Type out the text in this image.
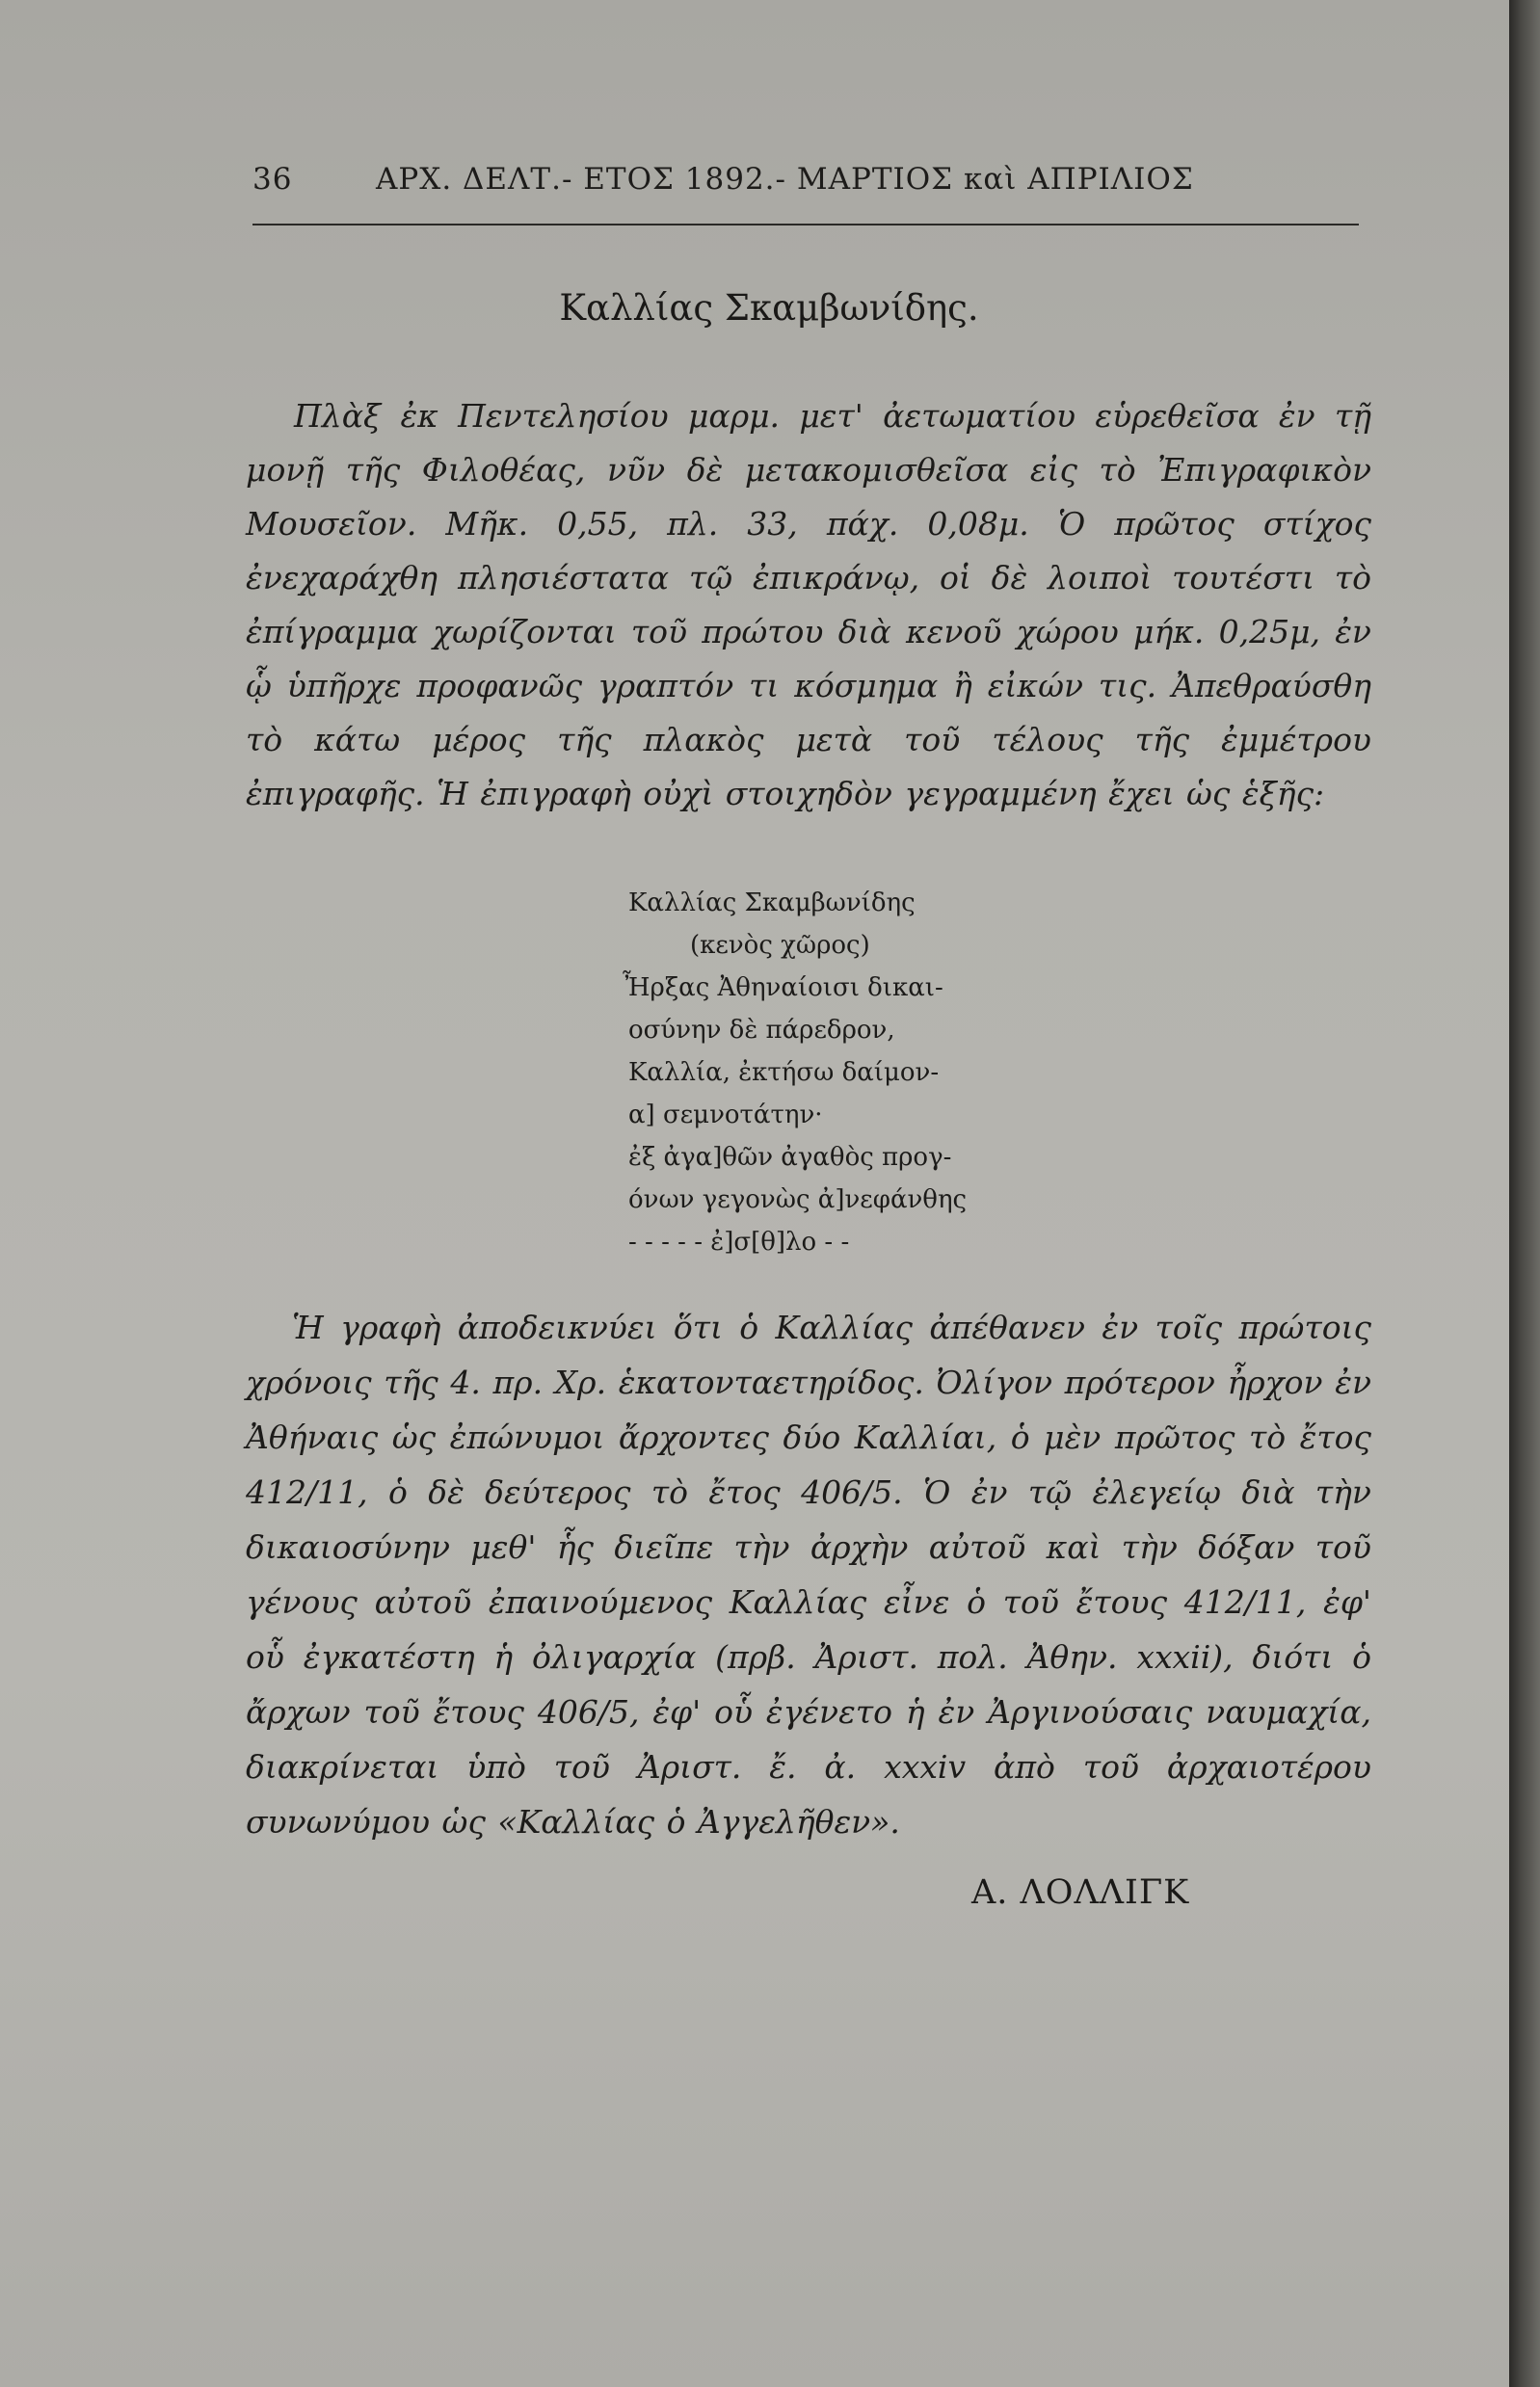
36	ΑΡΧ. ΔΕΛΤ.- ΕΤΟΣ 1892.- ΜΑΡΤΙΟΣ καὶ ΑΠΡΙΛΙΟΣ
Καλλίας Σκαμβωνίδης.
Πλὰξ ἐκ Πεντελησίου μαρμ. μετ' ἀετωματίου εὑρεθεῖσα ἐν τῇ μονῇ τῆς Φιλοθέας, νῦν δὲ μετακομισθεῖσα εἰς τὸ Ἐπιγραφικὸν Μουσεῖον. Μῆκ. 0,55, πλ. 33, πάχ. 0,08μ. Ὁ πρῶτος στίχος ἐνεχαράχθη πλησιέστατα τῷ ἐπικράνῳ, οἱ δὲ λοιποὶ τουτέστι τὸ ἐπίγραμμα χωρίζονται τοῦ πρώτου διὰ κενοῦ χώρου μήκ. 0,25μ, ἐν ᾧ ὑπῆρχε προφανῶς γραπτόν τι κόσμημα ἢ εἰκών τις. Ἀπεθραύσθη τὸ κάτω μέρος τῆς πλακὸς μετὰ τοῦ τέλους τῆς ἐμμέτρου ἐπιγραφῆς. Ἡ ἐπιγραφὴ οὐχὶ στοιχηδὸν γεγραμμένη ἔχει ὡς ἑξῆς:
Καλλίας Σκαμβωνίδης
(κενὸς χῶρος)
Ἦρξας Ἀθηναίοισι δικαι-
οσύνην δὲ πάρεδρον,
Καλλία, ἐκτήσω δαίμον-
α] σεμνοτάτην·
ἐξ ἀγα]θῶν ἀγαθὸς προγ-
όνων γεγονὼς ἀ]νεφάνθης
- - - - - ἐ]σ[θ]λο - -
Ἡ γραφὴ ἀποδεικνύει ὅτι ὁ Καλλίας ἀπέθανεν ἐν τοῖς πρώτοις χρόνοις τῆς 4. πρ. Χρ. ἑκατονταετηρίδος. Ὀλίγον πρότερον ἦρχον ἐν Ἀθήναις ὡς ἐπώνυμοι ἄρχοντες δύο Καλλίαι, ὁ μὲν πρῶτος τὸ ἔτος 412/11, ὁ δὲ δεύτερος τὸ ἔτος 406/5. Ὁ ἐν τῷ ἐλεγείῳ διὰ τὴν δικαιοσύνην μεθ' ἧς διεῖπε τὴν ἀρχὴν αὐτοῦ καὶ τὴν δόξαν τοῦ γένους αὐτοῦ ἐπαινούμενος Καλλίας εἶνε ὁ τοῦ ἔτους 412/11, ἐφ' οὗ ἐγκατέστη ἡ ὀλιγαρχία (πρβ. Ἀριστ. πολ. Ἀθην. xxxii), διότι ὁ ἄρχων τοῦ ἔτους 406/5, ἐφ' οὗ ἐγένετο ἡ ἐν Ἀργινούσαις ναυμαχία, διακρίνεται ὑπὸ τοῦ Ἀριστ. ἔ. ἀ. xxxiv ἀπὸ τοῦ ἀρχαιοτέρου συνωνύμου ὡς «Καλλίας ὁ Ἀγγελῆθεν».
Α. ΛΟΛΛΙΓΚ
